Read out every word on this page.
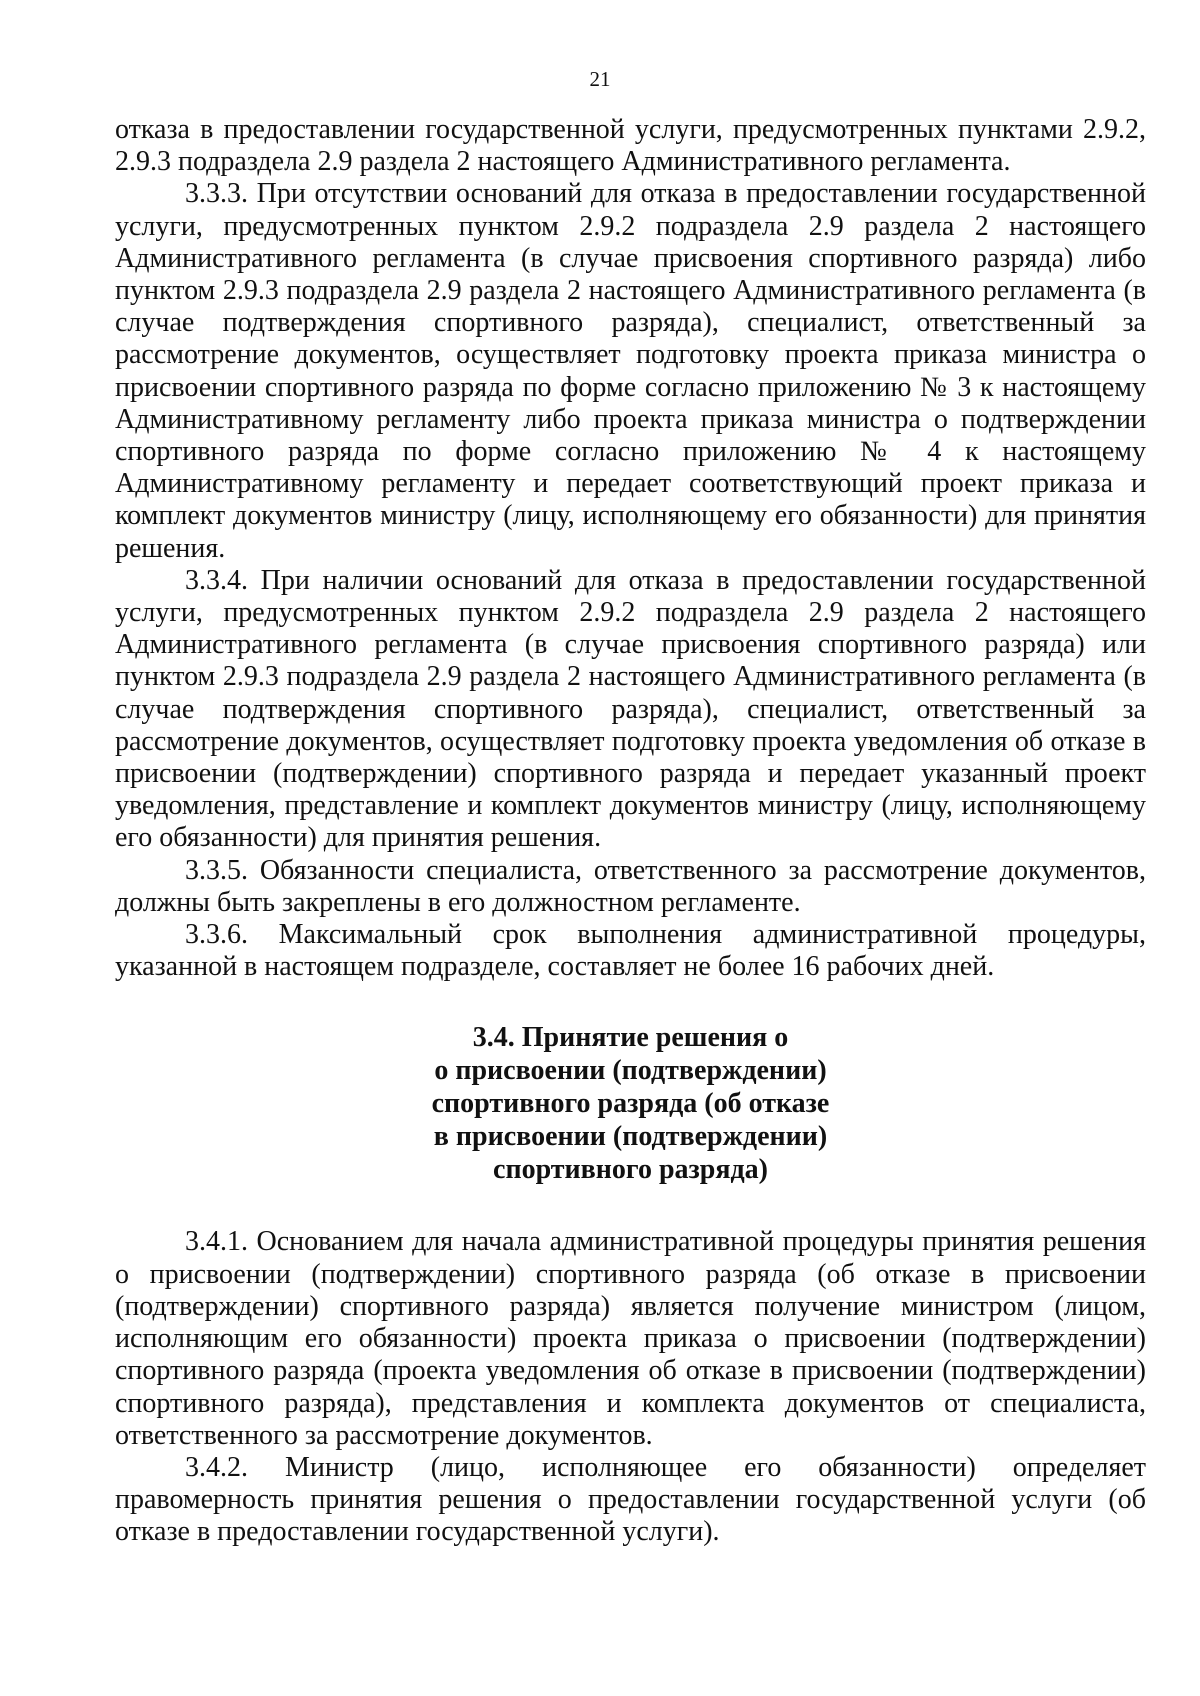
21

отказа в предоставлении государственной услуги, предусмотренных пунктами 2.9.2, 2.9.3 подраздела 2.9 раздела 2 настоящего Административного регламента.

3.3.3. При отсутствии оснований для отказа в предоставлении государственной услуги, предусмотренных пунктом 2.9.2 подраздела 2.9 раздела 2 настоящего Административного регламента (в случае присвоения спортивного разряда) либо пунктом 2.9.3 подраздела 2.9 раздела 2 настоящего Административного регламента (в случае подтверждения спортивного разряда), специалист, ответственный за рассмотрение документов, осуществляет подготовку проекта приказа министра о присвоении спортивного разряда по форме согласно приложению № 3 к настоящему Административному регламенту либо проекта приказа министра о подтверждении спортивного разряда по форме согласно приложению № 4 к настоящему Административному регламенту и передает соответствующий проект приказа и комплект документов министру (лицу, исполняющему его обязанности) для принятия решения.

3.3.4. При наличии оснований для отказа в предоставлении государственной услуги, предусмотренных пунктом 2.9.2 подраздела 2.9 раздела 2 настоящего Административного регламента (в случае присвоения спортивного разряда) или пунктом 2.9.3 подраздела 2.9 раздела 2 настоящего Административного регламента (в случае подтверждения спортивного разряда), специалист, ответственный за рассмотрение документов, осуществляет подготовку проекта уведомления об отказе в присвоении (подтверждении) спортивного разряда и передает указанный проект уведомления, представление и комплект документов министру (лицу, исполняющему его обязанности) для принятия решения.

3.3.5. Обязанности специалиста, ответственного за рассмотрение документов, должны быть закреплены в его должностном регламенте.

3.3.6. Максимальный срок выполнения административной процедуры, указанной в настоящем подразделе, составляет не более 16 рабочих дней.

3.4. Принятие решения о
о присвоении (подтверждении)
спортивного разряда (об отказе
в присвоении (подтверждении)
спортивного разряда)

3.4.1. Основанием для начала административной процедуры принятия решения о присвоении (подтверждении) спортивного разряда (об отказе в присвоении (подтверждении) спортивного разряда) является получение министром (лицом, исполняющим его обязанности) проекта приказа о присвоении (подтверждении) спортивного разряда (проекта уведомления об отказе в присвоении (подтверждении) спортивного разряда), представления и комплекта документов от специалиста, ответственного за рассмотрение документов.

3.4.2. Министр (лицо, исполняющее его обязанности) определяет правомерность принятия решения о предоставлении государственной услуги (об отказе в предоставлении государственной услуги).
